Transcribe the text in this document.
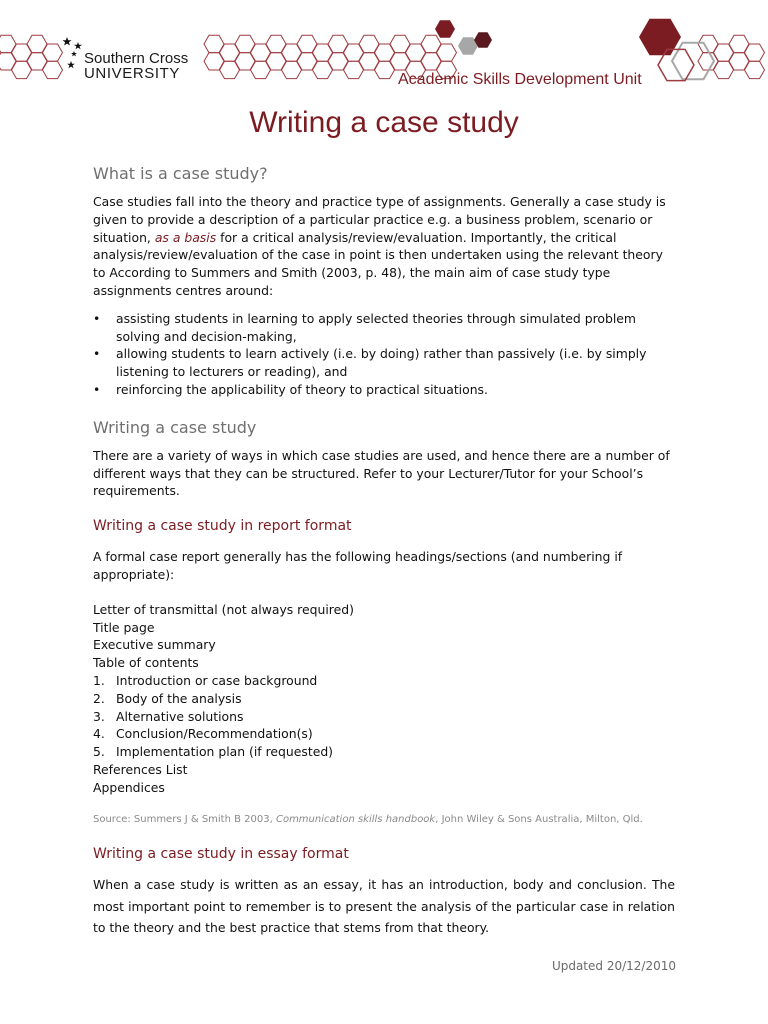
Southern Cross
UNIVERSITY	Academic Skills Development Unit
Writing a case study
What is a case study?

Case studies fall into the theory and practice type of assignments. Generally a case study is given to provide a description of a particular practice e.g. a business problem, scenario or situation, as a basis for a critical analysis/review/evaluation. Importantly, the critical analysis/review/evaluation of the case in point is then undertaken using the relevant theory to According to Summers and Smith (2003, p. 48), the main aim of case study type assignments centres around:

• assisting students in learning to apply selected theories through simulated problem solving and decision-making,
• allowing students to learn actively (i.e. by doing) rather than passively (i.e. by simply listening to lecturers or reading), and
• reinforcing the applicability of theory to practical situations.
Writing a case study

There are a variety of ways in which case studies are used, and hence there are a number of different ways that they can be structured. Refer to your Lecturer/Tutor for your School’s requirements.

Writing a case study in report format

A formal case report generally has the following headings/sections (and numbering if appropriate):

Letter of transmittal (not always required)
Title page
Executive summary
Table of contents
1. Introduction or case background
2. Body of the analysis
3. Alternative solutions
4. Conclusion/Recommendation(s)
5. Implementation plan (if requested)
References List
Appendices

Source: Summers J & Smith B 2003, Communication skills handbook, John Wiley & Sons Australia, Milton, Qld.

Writing a case study in essay format

When a case study is written as an essay, it has an introduction, body and conclusion. The most important point to remember is to present the analysis of the particular case in relation to the theory and the best practice that stems from that theory.

Updated 20/12/2010
